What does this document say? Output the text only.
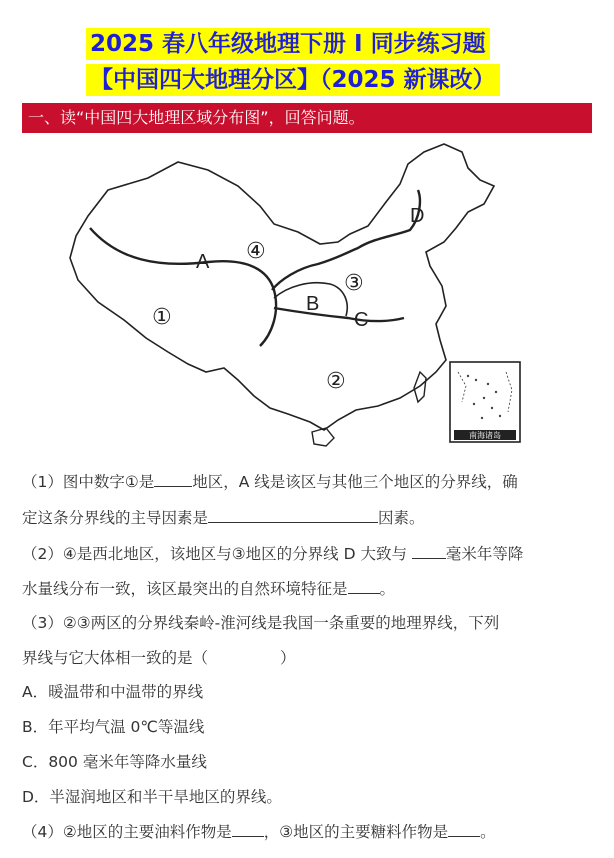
2025 春八年级地理下册 Ⅰ 同步练习题
【中国四大地理分区】（2025 新课改）
一、读“中国四大地理区域分布图”，回答问题。
A
B
C
D
①
②
③
④
南海诸岛
（1）图中数字①是 地区，A 线是该区与其他三个地区的分界线，确
定这条分界线的主导因素是	因素。
（2）④是西北地区，该地区与③地区的分界线 D 大致与 毫米年等降
水量线分布一致，该区最突出的自然环境特征是 。
（3）②③两区的分界线秦岭-淮河线是我国一条重要的地理界线，下列
界线与它大体相一致的是（	）
A．暖温带和中温带的界线
B．年平均气温 0℃等温线
C．800 毫米年等降水量线
D．半湿润地区和半干旱地区的界线。
（4）②地区的主要油料作物是 ，③地区的主要糖料作物是 。
